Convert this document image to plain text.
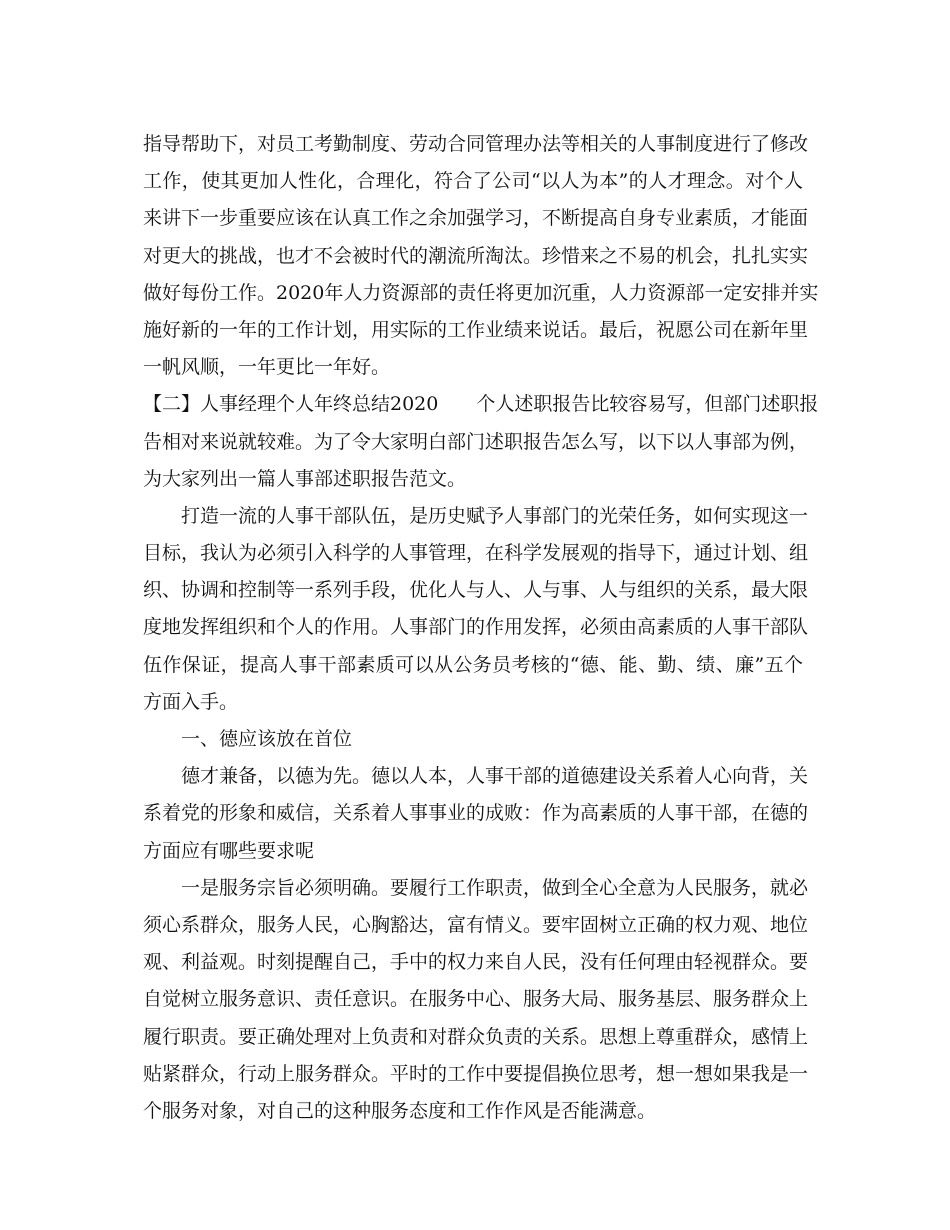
指导帮助下，对员工考勤制度、劳动合同管理办法等相关的人事制度进行了修改
工作，使其更加人性化，合理化，符合了公司“以人为本”的人才理念。对个人
来讲下一步重要应该在认真工作之余加强学习，不断提高自身专业素质，才能面
对更大的挑战，也才不会被时代的潮流所淘汰。珍惜来之不易的机会，扎扎实实
做好每份工作。2020年人力资源部的责任将更加沉重，人力资源部一定安排并实
施好新的一年的工作计划，用实际的工作业绩来说话。最后，祝愿公司在新年里
一帆风顺，一年更比一年好。
【二】人事经理个人年终总结2020 个人述职报告比较容易写，但部门述职报
告相对来说就较难。为了令大家明白部门述职报告怎么写，以下以人事部为例，
为大家列出一篇人事部述职报告范文。
打造一流的人事干部队伍，是历史赋予人事部门的光荣任务，如何实现这一
目标，我认为必须引入科学的人事管理，在科学发展观的指导下，通过计划、组
织、协调和控制等一系列手段，优化人与人、人与事、人与组织的关系，最大限
度地发挥组织和个人的作用。人事部门的作用发挥，必须由高素质的人事干部队
伍作保证，提高人事干部素质可以从公务员考核的“德、能、勤、绩、廉”五个
方面入手。
一、德应该放在首位
德才兼备，以德为先。德以人本，人事干部的道德建设关系着人心向背，关
系着党的形象和威信，关系着人事事业的成败：作为高素质的人事干部，在德的
方面应有哪些要求呢
一是服务宗旨必须明确。要履行工作职责，做到全心全意为人民服务，就必
须心系群众，服务人民，心胸豁达，富有情义。要牢固树立正确的权力观、地位
观、利益观。时刻提醒自己，手中的权力来自人民，没有任何理由轻视群众。要
自觉树立服务意识、责任意识。在服务中心、服务大局、服务基层、服务群众上
履行职责。要正确处理对上负责和对群众负责的关系。思想上尊重群众，感情上
贴紧群众，行动上服务群众。平时的工作中要提倡换位思考，想一想如果我是一
个服务对象，对自己的这种服务态度和工作作风是否能满意。
